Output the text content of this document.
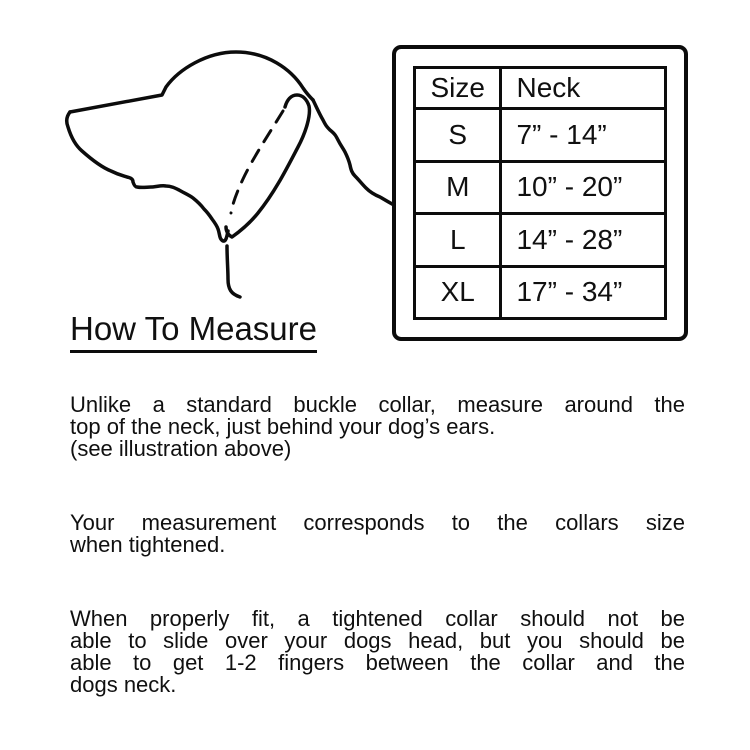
Size	Neck
S	7” - 14”
M	10” - 20”
L	14” - 28”
XL	17” - 34”
How To Measure
Unlike a standard buckle collar, measure around the
top of the neck, just behind your dog’s ears.
(see illustration above)
Your measurement corresponds to the collars size
when tightened.
When properly fit, a tightened collar should not be
able to slide over your dogs head, but you should be
able to get 1-2 fingers between the collar and the
dogs neck.
